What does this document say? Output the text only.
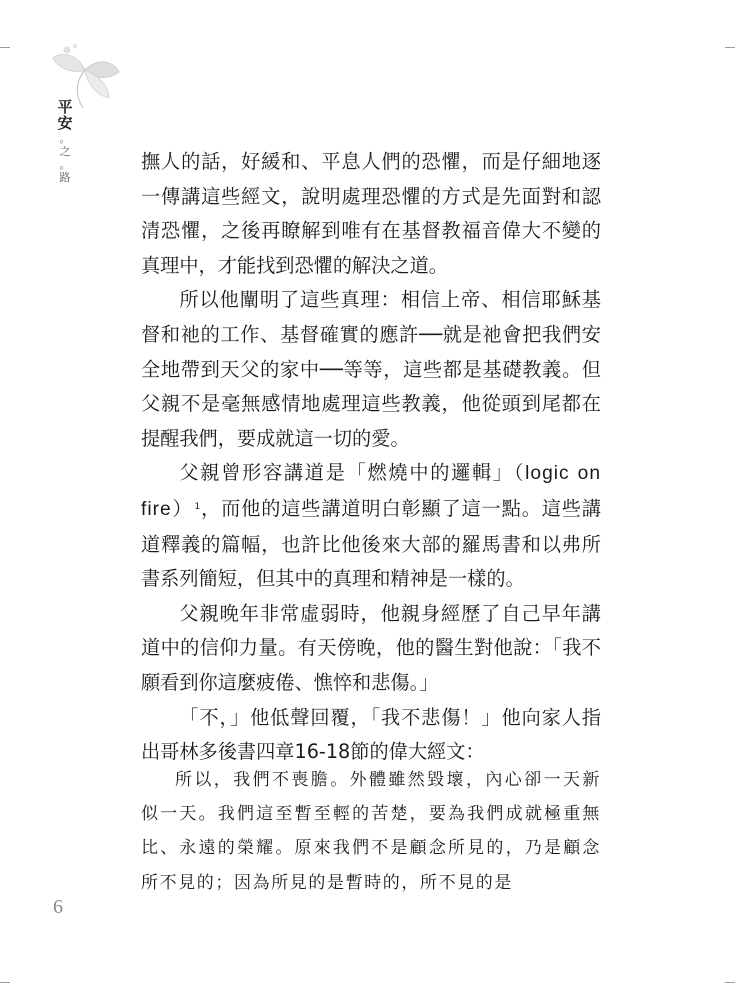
平
安
。
之
。
路

撫人的話，好緩和、平息人們的恐懼，而是仔細地逐一傳講這些經文，說明處理恐懼的方式是先面對和認清恐懼，之後再瞭解到唯有在基督教福音偉大不變的真理中，才能找到恐懼的解決之道。

所以他闡明了這些真理：相信上帝、相信耶穌基督和祂的工作、基督確實的應許──就是祂會把我們安全地帶到天父的家中──等等，這些都是基礎教義。但父親不是毫無感情地處理這些教義，他從頭到尾都在提醒我們，要成就這一切的愛。

父親曾形容講道是「燃燒中的邏輯」（logic on fire） $^1$，而他的這些講道明白彰顯了這一點。這些講道釋義的篇幅，也許比他後來大部的羅馬書和以弗所書系列簡短，但其中的真理和精神是一樣的。

父親晚年非常虛弱時，他親身經歷了自己早年講道中的信仰力量。有天傍晚，他的醫生對他說：「我不願看到你這麼疲倦、憔悴和悲傷。」

「不，」他低聲回覆，「我不悲傷！」他向家人指出哥林多後書四章16-18節的偉大經文：

所以，我們不喪膽。外體雖然毀壞，內心卻一天新似一天。我們這至暫至輕的苦楚，要為我們成就極重無比、永遠的榮耀。原來我們不是顧念所見的，乃是顧念所不見的；因為所見的是暫時的，所不見的是

6
